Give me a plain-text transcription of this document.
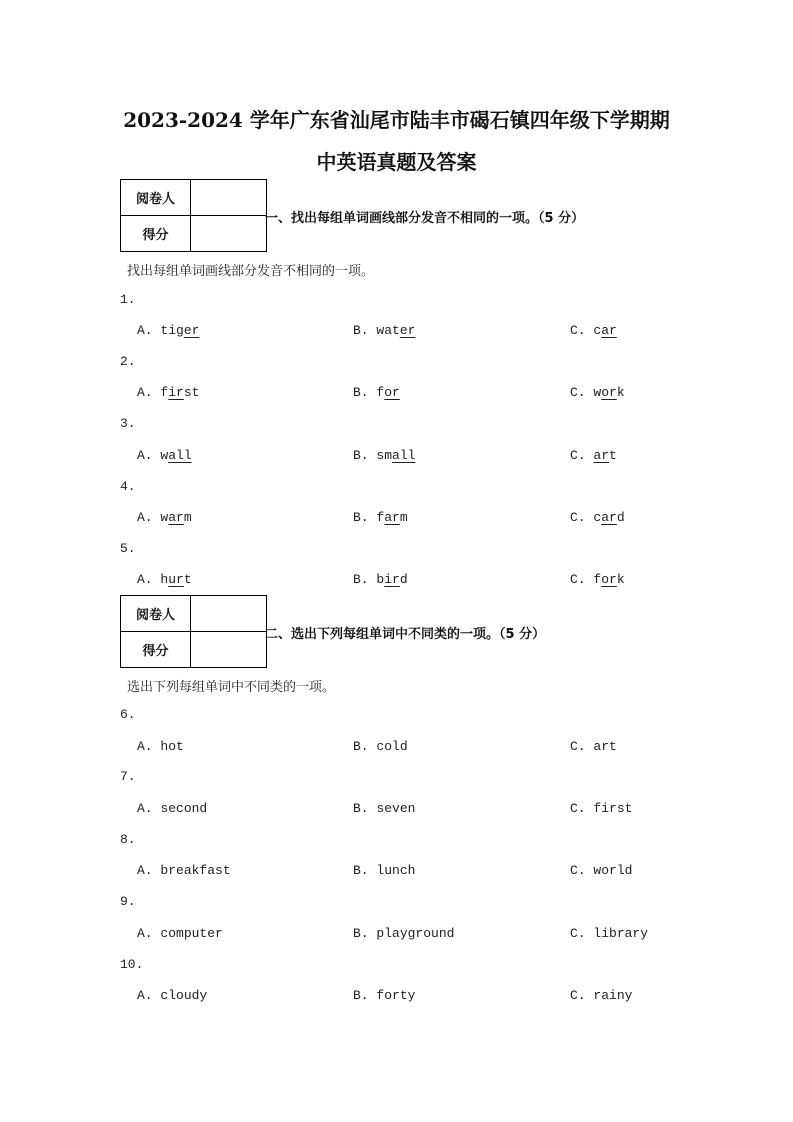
2023-2024 学年广东省汕尾市陆丰市碣石镇四年级下学期期
中英语真题及答案
阅卷人	
得分	
一、找出每组单词画线部分发音不相同的一项。（5 分）
找出每组单词画线部分发音不相同的一项。
1.
A. tiger	B. water	C. car
2.
A. first	B. for	C. work
3.
A. wall	B. small	C. art
4.
A. warm	B. farm	C. card
5.
A. hurt	B. bird	C. fork
阅卷人	
得分	
二、选出下列每组单词中不同类的一项。（5 分）
选出下列每组单词中不同类的一项。
6.
A. hot	B. cold	C. art
7.
A. second	B. seven	C. first
8.
A. breakfast	B. lunch	C. world
9.
A. computer	B. playground	C. library
10.
A. cloudy	B. forty	C. rainy
